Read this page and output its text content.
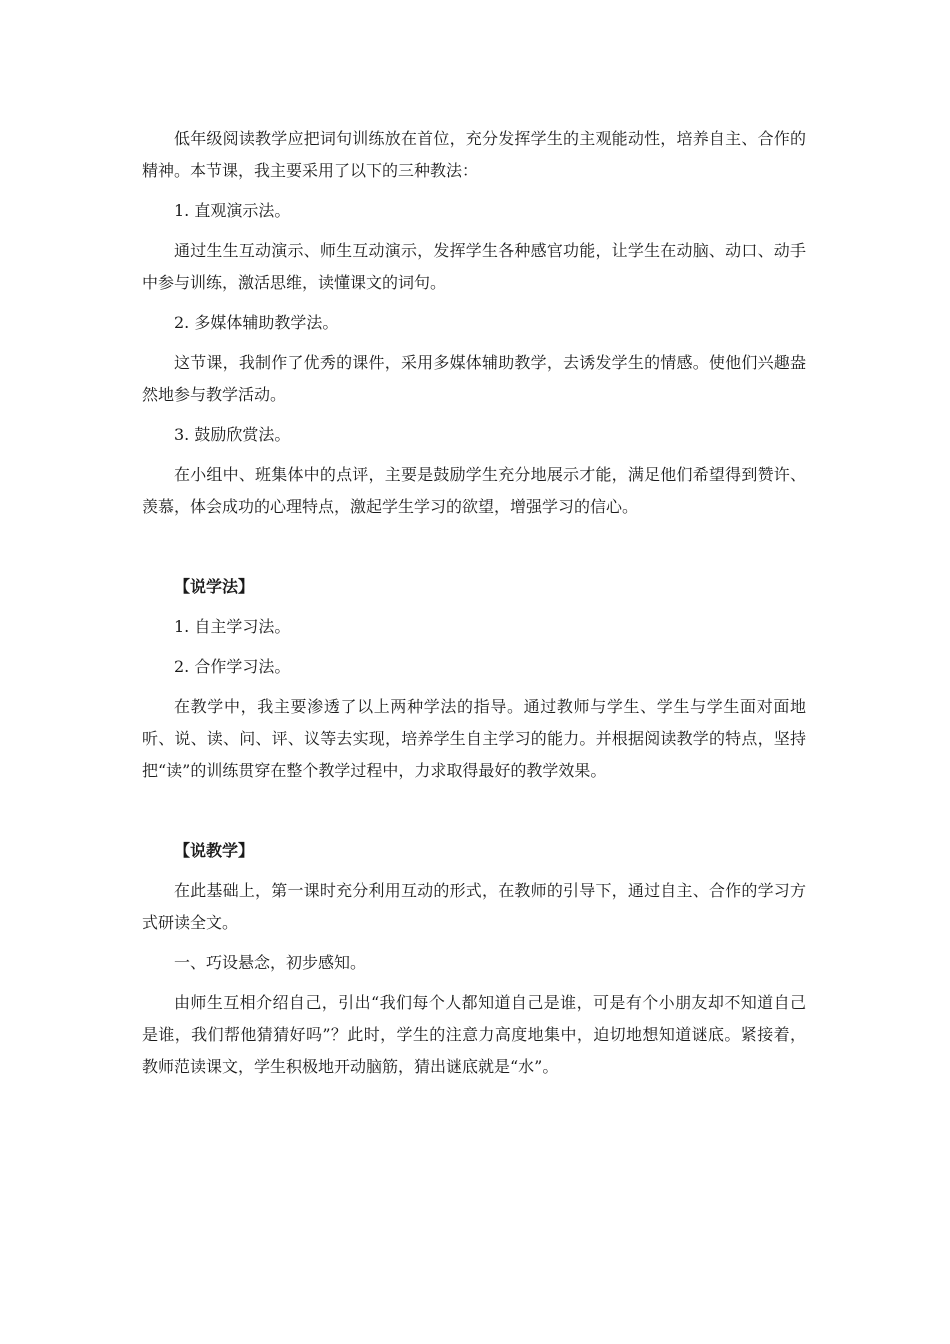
低年级阅读教学应把词句训练放在首位，充分发挥学生的主观能动性，培养自主、合作的精神。本节课，我主要采用了以下的三种教法：

1. 直观演示法。

通过生生互动演示、师生互动演示，发挥学生各种感官功能，让学生在动脑、动口、动手中参与训练，激活思维，读懂课文的词句。

2. 多媒体辅助教学法。

这节课，我制作了优秀的课件，采用多媒体辅助教学，去诱发学生的情感。使他们兴趣盎然地参与教学活动。

3. 鼓励欣赏法。

在小组中、班集体中的点评，主要是鼓励学生充分地展示才能，满足他们希望得到赞许、羡慕，体会成功的心理特点，激起学生学习的欲望，增强学习的信心。

【说学法】

1. 自主学习法。

2. 合作学习法。

在教学中，我主要渗透了以上两种学法的指导。通过教师与学生、学生与学生面对面地听、说、读、问、评、议等去实现，培养学生自主学习的能力。并根据阅读教学的特点，坚持把“读”的训练贯穿在整个教学过程中，力求取得最好的教学效果。

【说教学】

在此基础上，第一课时充分利用互动的形式，在教师的引导下，通过自主、合作的学习方式研读全文。

一、巧设悬念，初步感知。

由师生互相介绍自己，引出“我们每个人都知道自己是谁，可是有个小朋友却不知道自己是谁，我们帮他猜猜好吗”？此时，学生的注意力高度地集中，迫切地想知道谜底。紧接着，教师范读课文，学生积极地开动脑筋，猜出谜底就是“水”。
